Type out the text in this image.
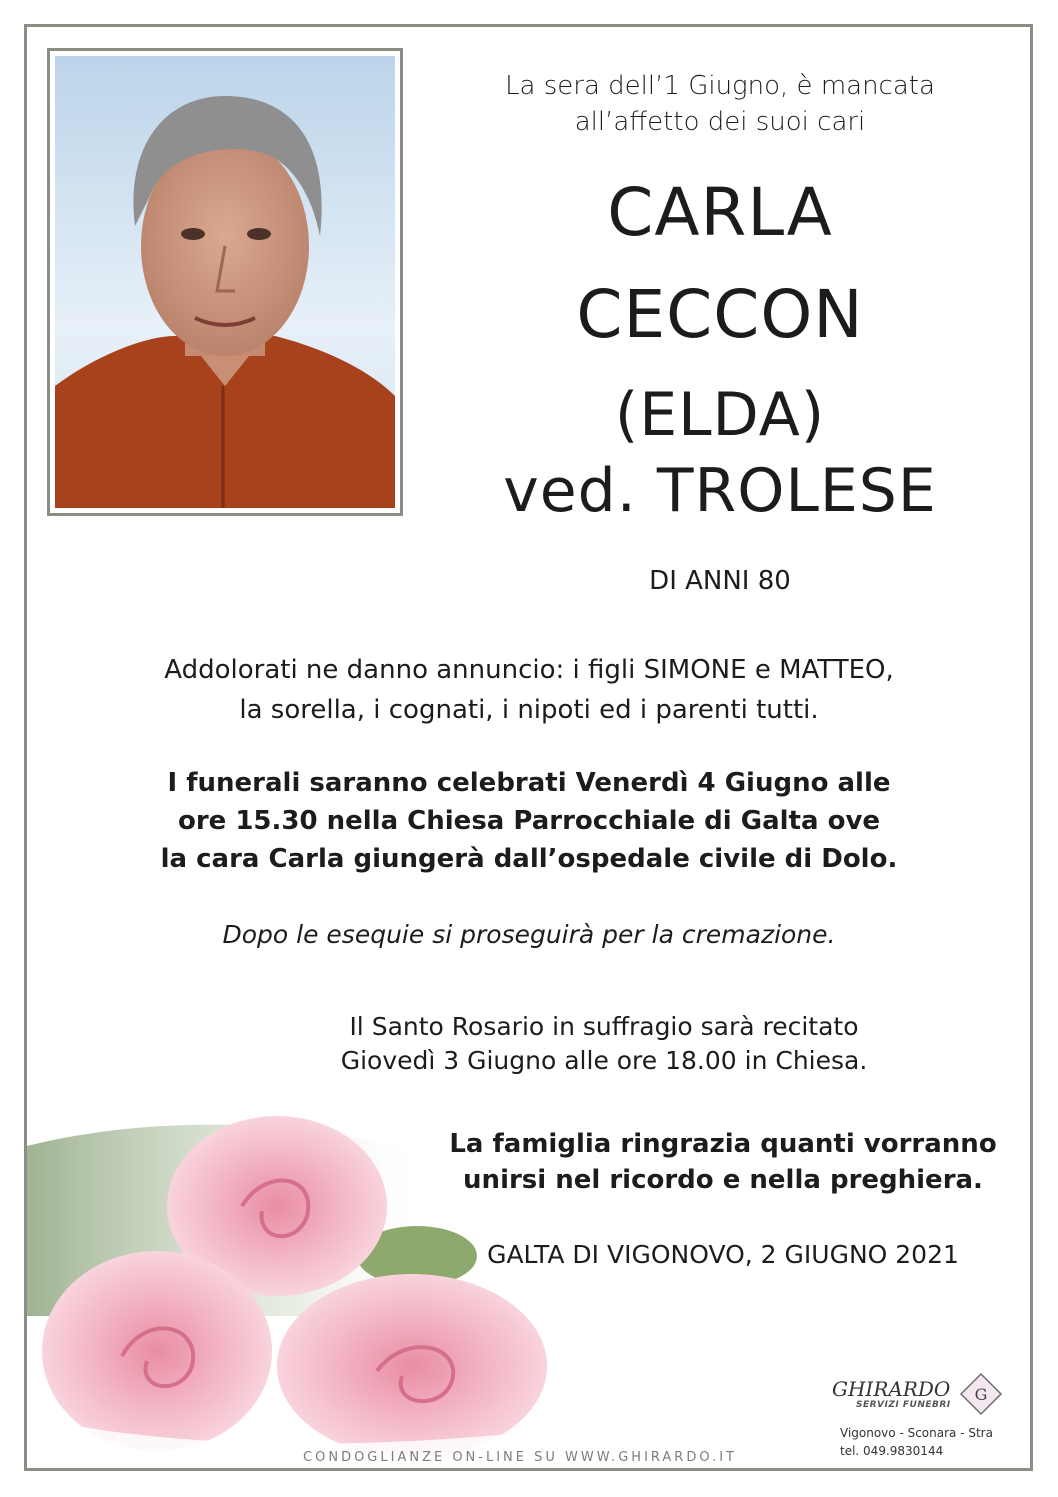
La sera dell’1 Giugno, è mancata
all’affetto dei suoi cari
CARLA
CECCON
(ELDA)
ved. TROLESE
DI ANNI 80
Addolorati ne danno annuncio: i figli SIMONE e MATTEO,
la sorella, i cognati, i nipoti ed i parenti tutti.
I funerali saranno celebrati Venerdì 4 Giugno alle
ore 15.30 nella Chiesa Parrocchiale di Galta ove
la cara Carla giungerà dall’ospedale civile di Dolo.
Dopo le esequie si proseguirà per la cremazione.
Il Santo Rosario in suffragio sarà recitato
Giovedì 3 Giugno alle ore 18.00 in Chiesa.
La famiglia ringrazia quanti vorranno
unirsi nel ricordo e nella preghiera.
GALTA DI VIGONOVO, 2 GIUGNO 2021
CONDOGLIANZE ON-LINE SU WWW.GHIRARDO.IT
GHIRARDO
SERVIZI FUNEBRI
G
Vigonovo - Sconara - Stra
tel. 049.9830144
